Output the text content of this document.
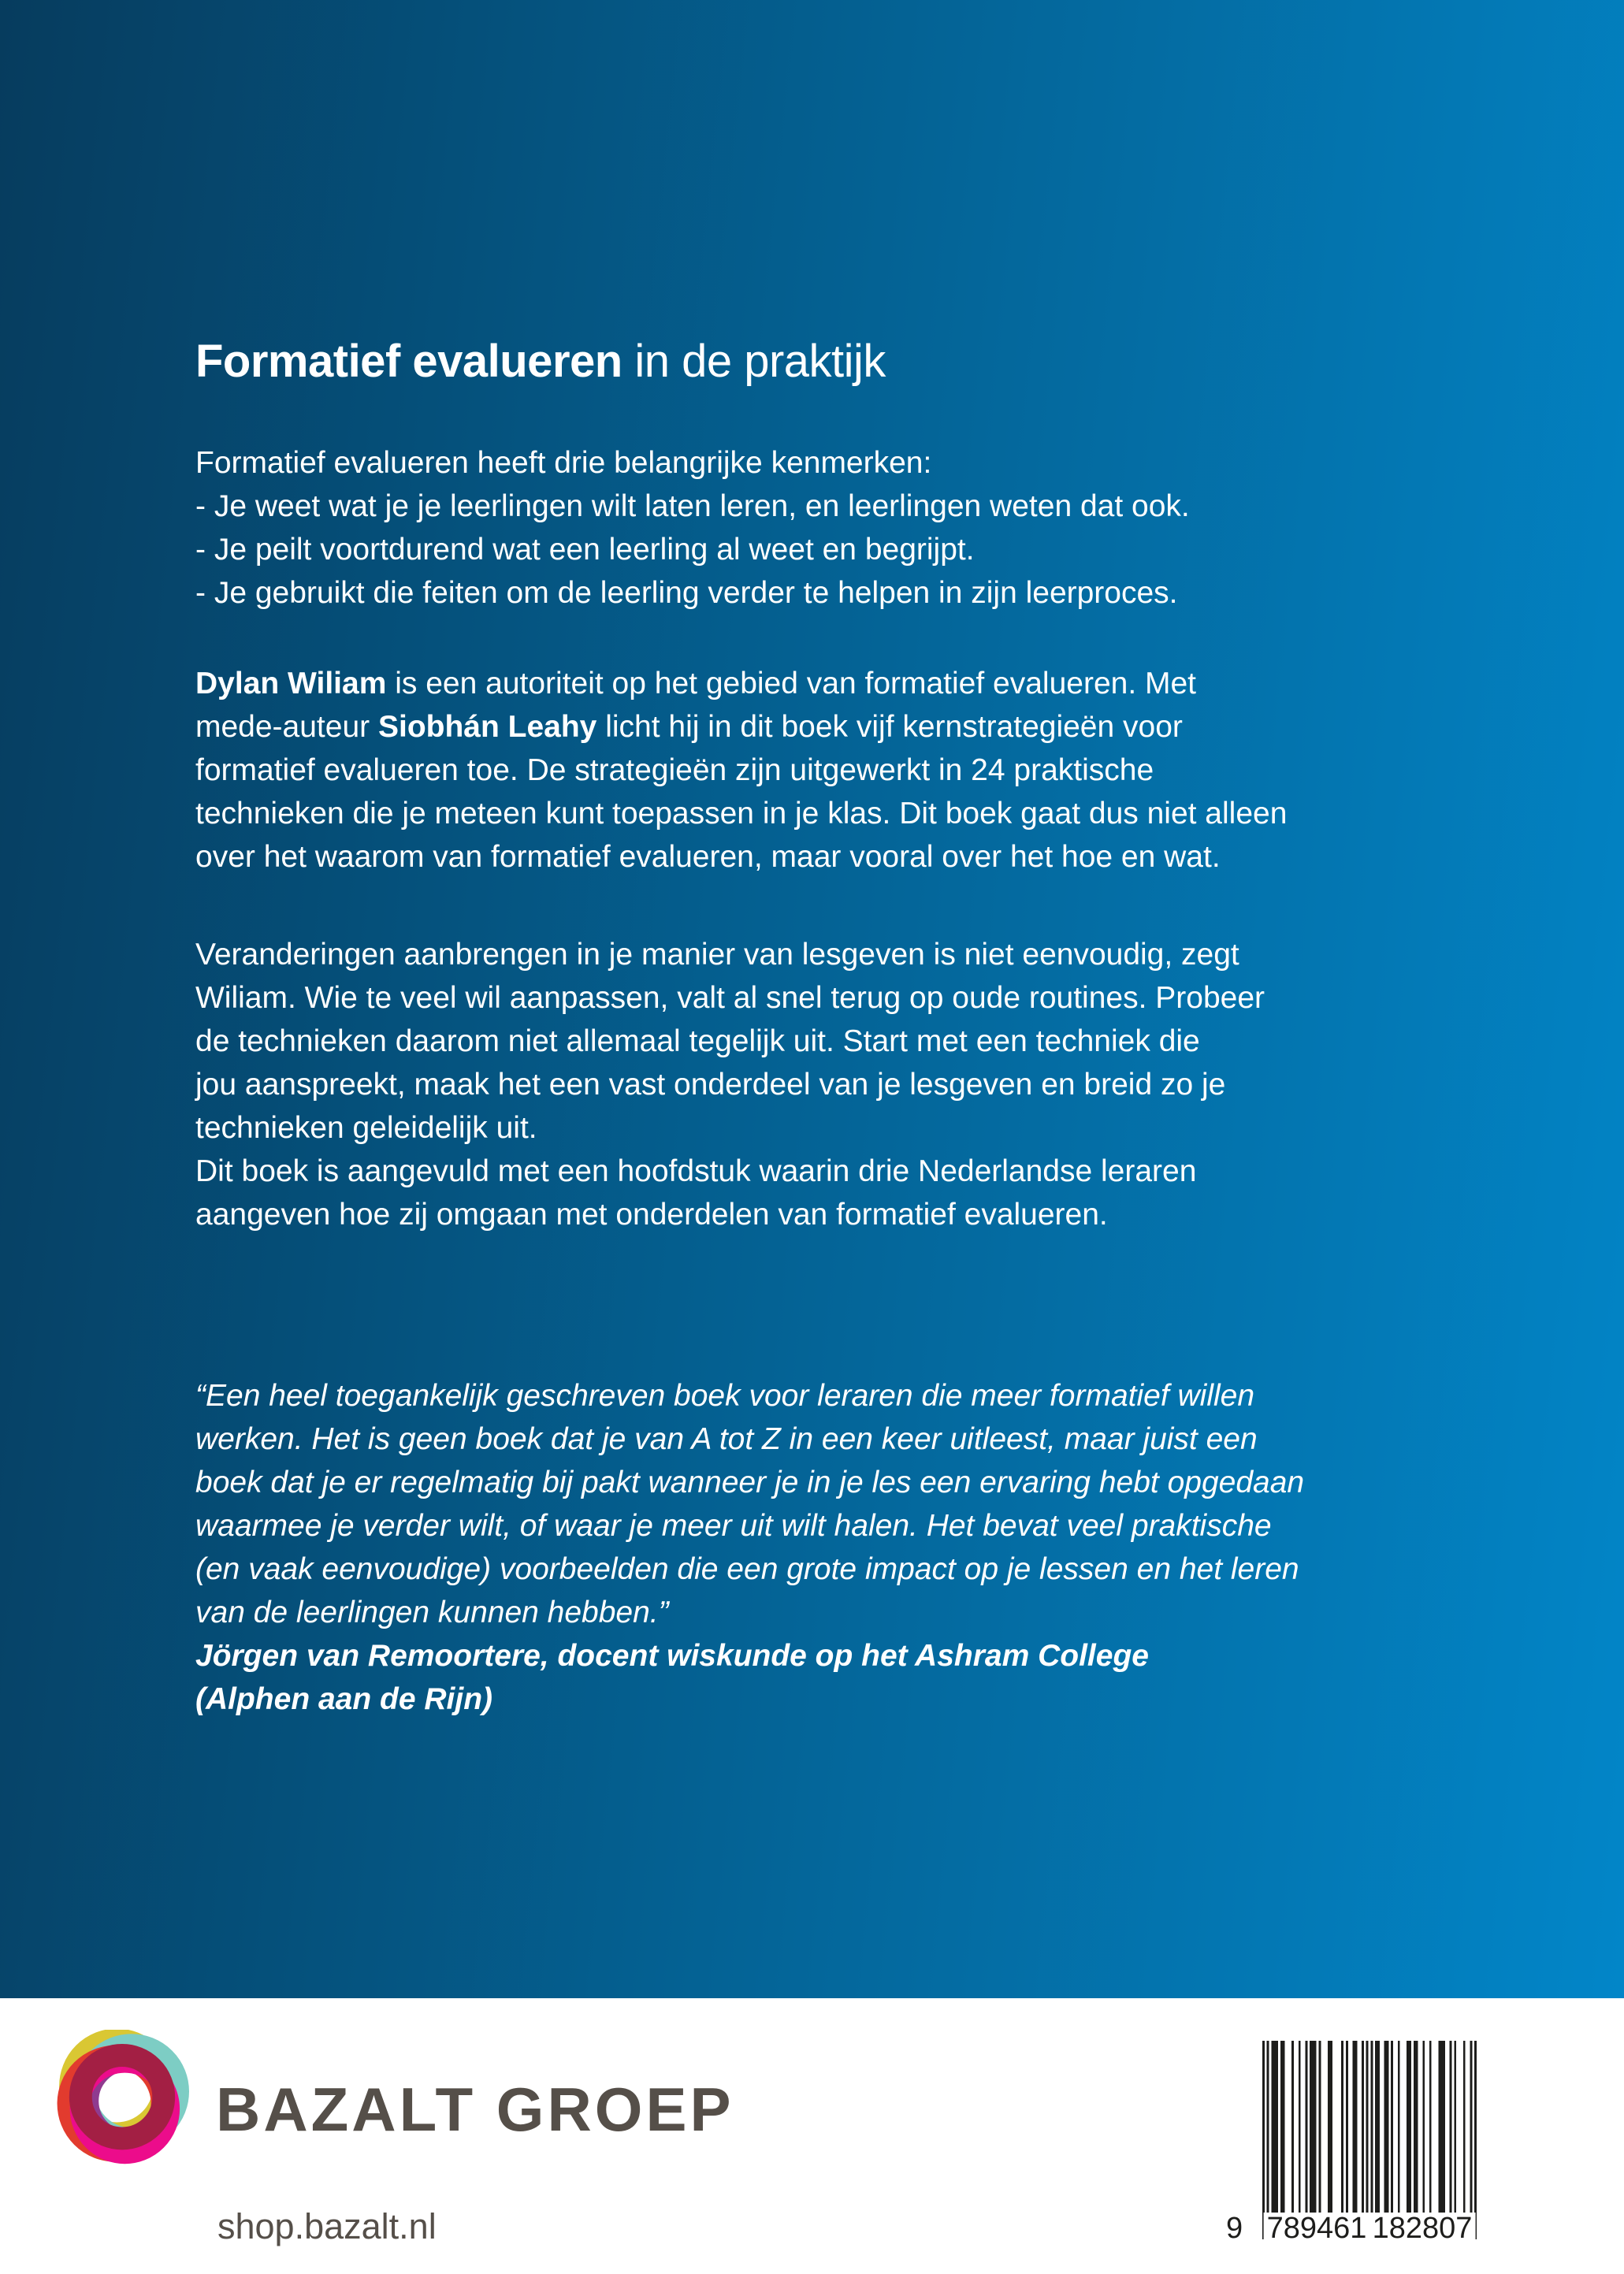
Formatief evalueren in de praktijk
Formatief evalueren heeft drie belangrijke kenmerken:
- Je weet wat je je leerlingen wilt laten leren, en leerlingen weten dat ook.
- Je peilt voortdurend wat een leerling al weet en begrijpt.
- Je gebruikt die feiten om de leerling verder te helpen in zijn leerproces.
Dylan Wiliam is een autoriteit op het gebied van formatief evalueren. Met
mede-auteur Siobhán Leahy licht hij in dit boek vijf kernstrategieën voor
formatief evalueren toe. De strategieën zijn uitgewerkt in 24 praktische
technieken die je meteen kunt toepassen in je klas. Dit boek gaat dus niet alleen
over het waarom van formatief evalueren, maar vooral over het hoe en wat.
Veranderingen aanbrengen in je manier van lesgeven is niet eenvoudig, zegt
Wiliam. Wie te veel wil aanpassen, valt al snel terug op oude routines. Probeer
de technieken daarom niet allemaal tegelijk uit. Start met een techniek die
jou aanspreekt, maak het een vast onderdeel van je lesgeven en breid zo je
technieken geleidelijk uit.
Dit boek is aangevuld met een hoofdstuk waarin drie Nederlandse leraren
aangeven hoe zij omgaan met onderdelen van formatief evalueren.
“Een heel toegankelijk geschreven boek voor leraren die meer formatief willen
werken. Het is geen boek dat je van A tot Z in een keer uitleest, maar juist een
boek dat je er regelmatig bij pakt wanneer je in je les een ervaring hebt opgedaan
waarmee je verder wilt, of waar je meer uit wilt halen. Het bevat veel praktische
(en vaak eenvoudige) voorbeelden die een grote impact op je lessen en het leren
van de leerlingen kunnen hebben.”
Jörgen van Remoortere, docent wiskunde op het Ashram College
(Alphen aan de Rijn)
BAZALT GROEP
shop.bazalt.nl	9 789461 182807
